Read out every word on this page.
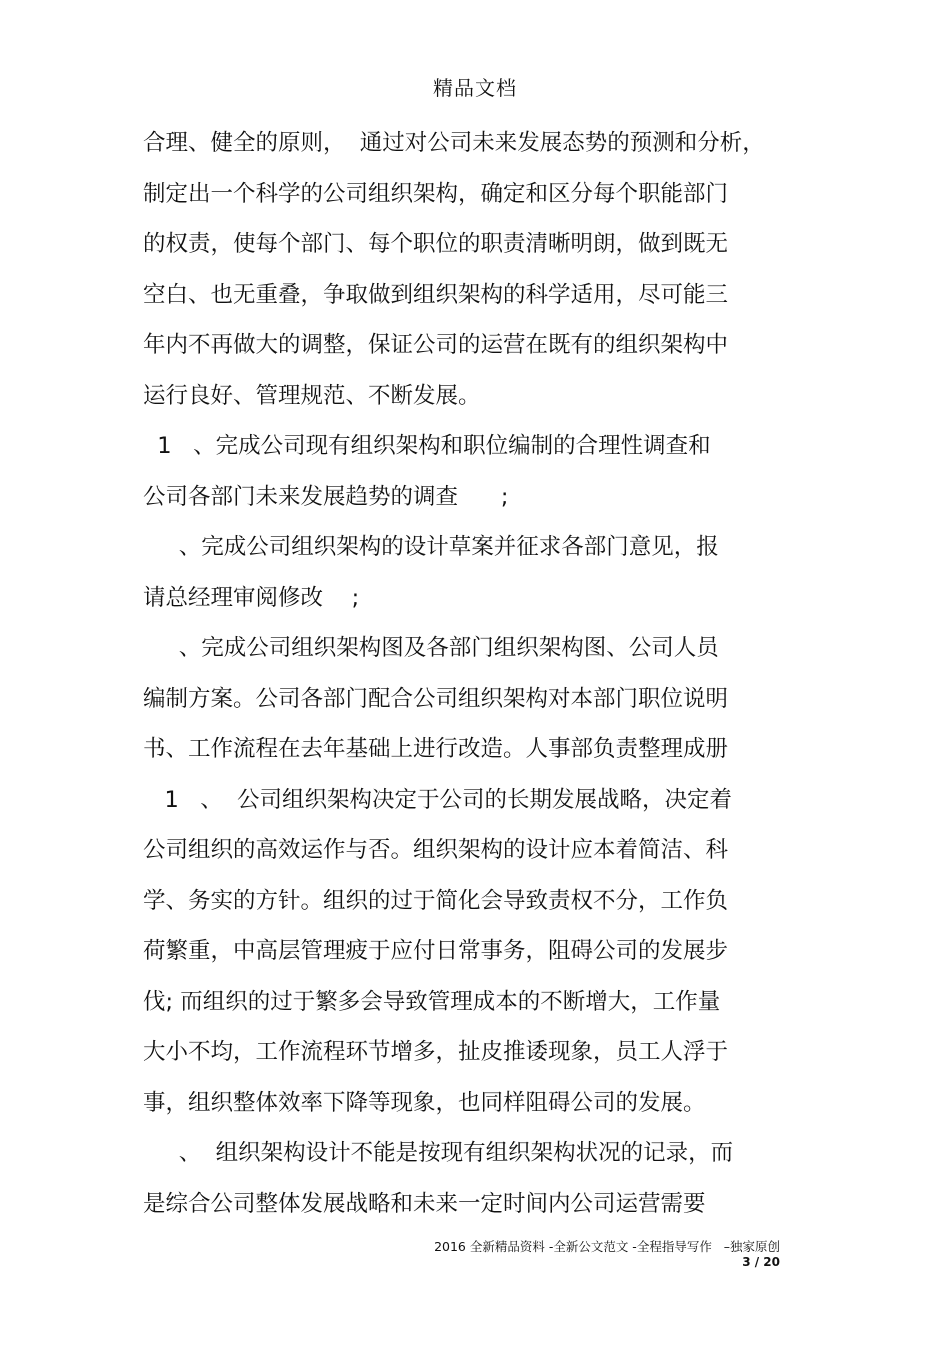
精品文档
合理、健全的原则，  通过对公司未来发展态势的预测和分析，
制定出一个科学的公司组织架构，确定和区分每个职能部门
的权责，使每个部门、每个职位的职责清晰明朗，做到既无
空白、也无重叠，争取做到组织架构的科学适用，尽可能三
年内不再做大的调整，保证公司的运营在既有的组织架构中
运行良好、管理规范、不断发展。
1   、完成公司现有组织架构和职位编制的合理性调查和
公司各部门未来发展趋势的调查      ;
、完成公司组织架构的设计草案并征求各部门意见，报
请总经理审阅修改    ;
、完成公司组织架构图及各部门组织架构图、公司人员
编制方案。公司各部门配合公司组织架构对本部门职位说明
书、工作流程在去年基础上进行改造。人事部负责整理成册
1   、  公司组织架构决定于公司的长期发展战略，决定着
公司组织的高效运作与否。组织架构的设计应本着简洁、科
学、务实的方针。组织的过于简化会导致责权不分，工作负
荷繁重，中高层管理疲于应付日常事务，阻碍公司的发展步
伐; 而组织的过于繁多会导致管理成本的不断增大，工作量
大小不均，工作流程环节增多，扯皮推诿现象，员工人浮于
事，组织整体效率下降等现象，也同样阻碍公司的发展。
、  组织架构设计不能是按现有组织架构状况的记录，而
是综合公司整体发展战略和未来一定时间内公司运营需要
2016 全新精品资料 -全新公文范文 -全程指导写作   –独家原创
3 / 20
